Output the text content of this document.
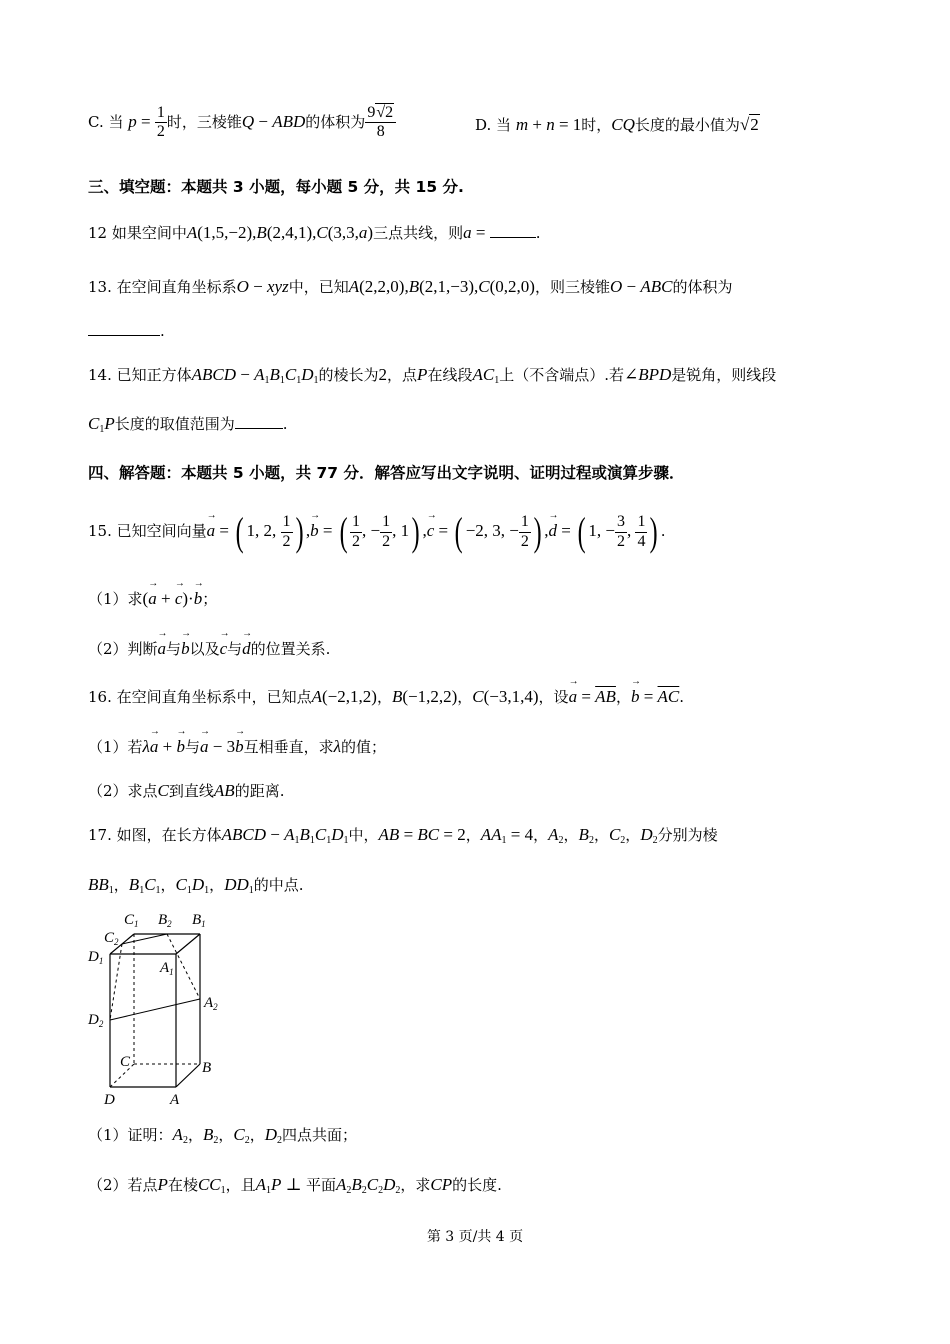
C. 当 $p = \frac{1}{2}$ 时，三棱锥Q − ABD的体积为 $\frac{9√2}{8}$	D. 当 m + n = 1时，CQ长度的最小值为√2
三、填空题：本题共 3 小题，每小题 5 分，共 15 分.
12 如果空间中A(1,5,−2),B(2,4,1),C(3,3,a)三点共线，则a =	.
13. 在空间直角坐标系O − xyz中，已知A(2,2,0),B(2,1,−3),C(0,2,0)，则三棱锥O − ABC的体积为
.
14. 已知正方体ABCD − $A_1B_1C_1D_1$的棱长为2，点P在线段$AC_1$上（不含端点）.若∠BPD是锐角，则线段
$C_1P$长度的取值范围为	.
四、解答题：本题共 5 小题，共 77 分．解答应写出文字说明、证明过程或演算步骤．
15. 已知空间向量→ a = ( 1, 2, $\frac{1}{2}$ ) ,→ b = ( $\frac{1}{2}$ , − $\frac{1}{2}$ , 1) ,→ c = ( −2, 3, − $\frac{1}{2}$ ) ,→ d = ( 1, − $\frac{3}{2}$ , $\frac{1}{4}$ ) .
（1）求(→ a + → c)·→ b；
（2）判断→ a与→ b以及→ c与→ d的位置关系.
16. 在空间直角坐标系中，已知点A(−2,1,2)，B(−1,2,2)，C(−3,1,4)，设→ $a = \overline{AB}$，→ $b = \overline{AC}$.
（1）若λ→ a + → b与→ a − 3→ b互相垂直，求λ的值；
（2）求点C到直线AB的距离.
17. 如图，在长方体ABCD − $A_1B_1C_1D_1$中，AB = BC = 2，$AA_1 = 4$，$A_2$，$B_2$，$C_2$，$D_2$分别为棱
$BB_1$，$B_1C_1$，$C_1D_1$，$DD_1$的中点.
$C_1$ $B_2$ $B_1$
$C_2$
$D_1$	$A_1$
$A_2$
$D_2$
C	B
D	A
（1）证明：$A_2$，$B_2$，$C_2$，$D_2$四点共面；
（2）若点P在棱$CC_1$，且$A_1P$ ⊥ 平面$A_2B_2C_2D_2$，求CP的长度.
第 3 页/共 4 页
